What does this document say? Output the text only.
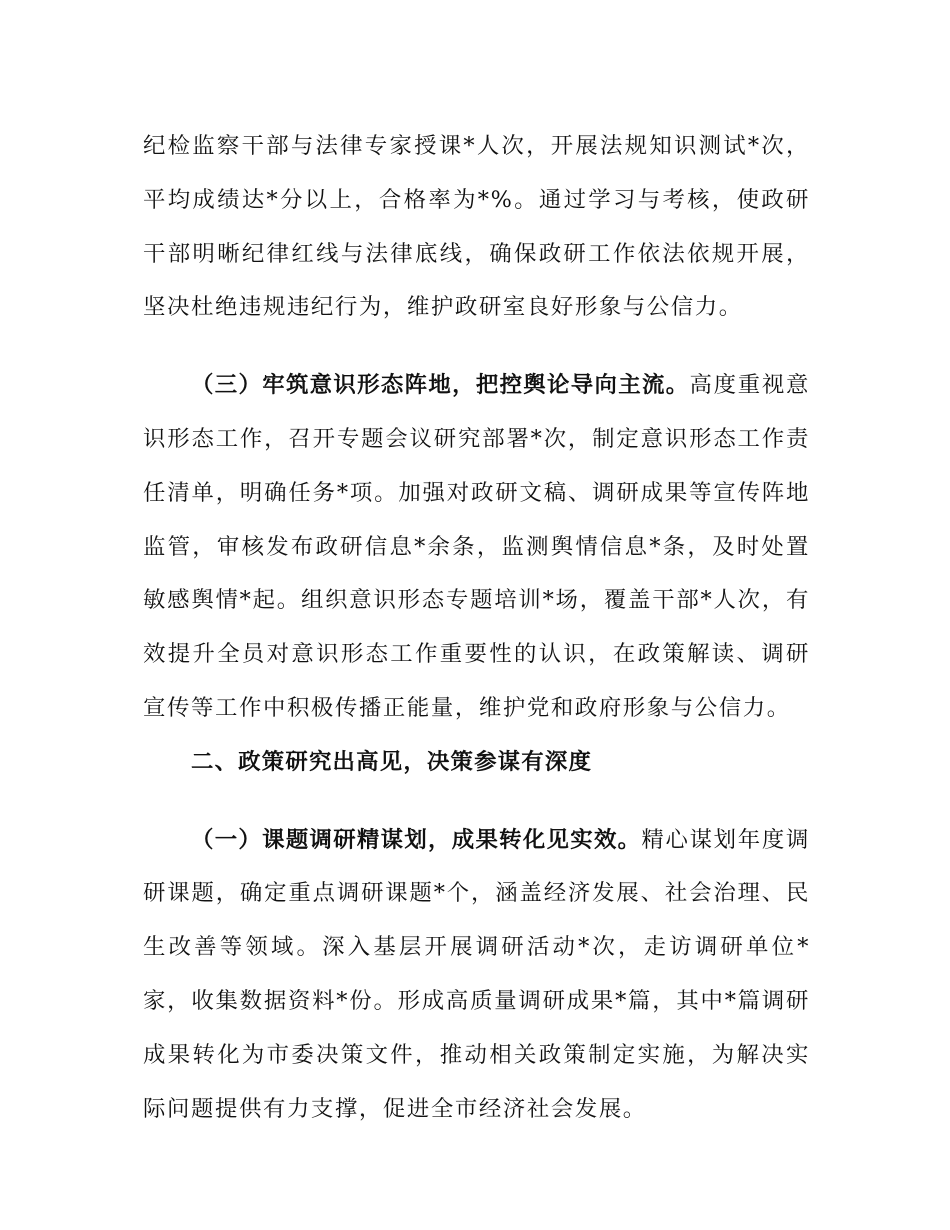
纪检监察干部与法律专家授课*人次，开展法规知识测试*次，平均成绩达*分以上，合格率为*%。通过学习与考核，使政研干部明晰纪律红线与法律底线，确保政研工作依法依规开展，坚决杜绝违规违纪行为，维护政研室良好形象与公信力。

（三）牢筑意识形态阵地，把控舆论导向主流。高度重视意识形态工作，召开专题会议研究部署*次，制定意识形态工作责任清单，明确任务*项。加强对政研文稿、调研成果等宣传阵地监管，审核发布政研信息*余条，监测舆情信息*条，及时处置敏感舆情*起。组织意识形态专题培训*场，覆盖干部*人次，有效提升全员对意识形态工作重要性的认识，在政策解读、调研宣传等工作中积极传播正能量，维护党和政府形象与公信力。

二、政策研究出高见，决策参谋有深度

（一）课题调研精谋划，成果转化见实效。精心谋划年度调研课题，确定重点调研课题*个，涵盖经济发展、社会治理、民生改善等领域。深入基层开展调研活动*次，走访调研单位*家，收集数据资料*份。形成高质量调研成果*篇，其中*篇调研成果转化为市委决策文件，推动相关政策制定实施，为解决实际问题提供有力支撑，促进全市经济社会发展。
